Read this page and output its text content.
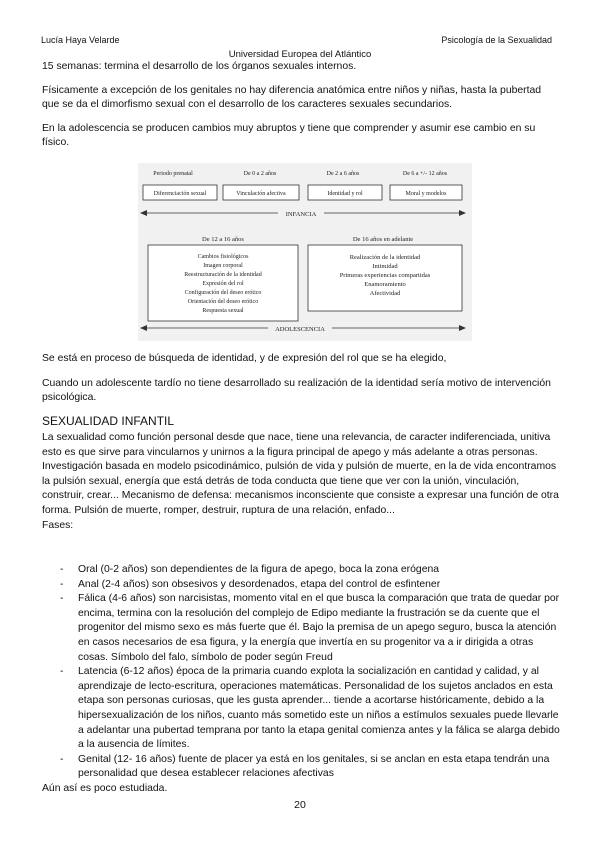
Lucía Haya Velarde	Psicología de la Sexualidad
Universidad Europea del Atlántico

15 semanas: termina el desarrollo de los órganos sexuales internos.

Físicamente a excepción de los genitales no hay diferencia anatómica entre niños y niñas, hasta la pubertad que se da el dimorfismo sexual con el desarrollo de los caracteres sexuales secundarios.

En la adolescencia se producen cambios muy abruptos y tiene que comprender y asumir ese cambio en su físico.

Periodo prenatal	De 0 a 2 años	De 2 a 6 años	De 6 a +/- 12 años
Diferenciación sexual	Vinculación afectiva	Identidad y rol	Moral y modelos
INFANCIA
De 12 a 16 años	De 16 años en adelante
Cambios fisiológicos
Imagen corporal
Reestructuración de la identidad
Expresión del rol
Configuración del deseo erótico
Orientación del deseo erótico
Respuesta sexual
Realización de la identidad
Intimidad
Primeras experiencias compartidas
Enamoramiento
Afectividad
ADOLESCENCIA

Se está en proceso de búsqueda de identidad, y de expresión del rol que se ha elegido,

Cuando un adolescente tardío no tiene desarrollado su realización de la identidad sería motivo de intervención psicológica.

SEXUALIDAD INFANTIL

La sexualidad como función personal desde que nace, tiene una relevancia, de caracter indiferenciada, unitiva esto es que sirve para vincularnos y unirnos a la figura principal de apego y más adelante a otras personas.

Investigación basada en modelo psicodinámico, pulsión de vida y pulsión de muerte, en la de vida encontramos la pulsión sexual, energía que está detrás de toda conducta que tiene que ver con la unión, vinculación, construir, crear... Mecanismo de defensa: mecanismos inconsciente que consiste a expresar una función de otra forma. Pulsión de muerte, romper, destruir, ruptura de una relación, enfado...

Fases:

- Oral (0-2 años) son dependientes de la figura de apego, boca la zona erógena
- Anal (2-4 años) son obsesivos y desordenados, etapa del control de esfintener
- Fálica (4-6 años) son narcisistas, momento vital en el que busca la comparación que trata de quedar por encima, termina con la resolución del complejo de Edipo mediante la frustración se da cuente que el progenitor del mismo sexo es más fuerte que él. Bajo la premisa de un apego seguro, busca la atención en casos necesarios de esa figura, y la energía que invertía en su progenitor va a ir dirigida a otras cosas. Símbolo del falo, símbolo de poder según Freud
- Latencia (6-12 años) época de la primaria cuando explota la socialización en cantidad y calidad, y al aprendizaje de lecto-escritura, operaciones matemáticas. Personalidad de los sujetos anclados en esta etapa son personas curiosas, que les gusta aprender... tiende a acortarse históricamente, debido a la hipersexualización de los niños, cuanto más sometido este un niños a estímulos sexuales puede llevarle a adelantar una pubertad temprana por tanto la etapa genital comienza antes y la fálica se alarga debido a la ausencia de límites.
- Genital (12- 16 años) fuente de placer ya está en los genitales, si se anclan en esta etapa tendrán una personalidad que desea establecer relaciones afectivas
Aún así es poco estudiada.
20
